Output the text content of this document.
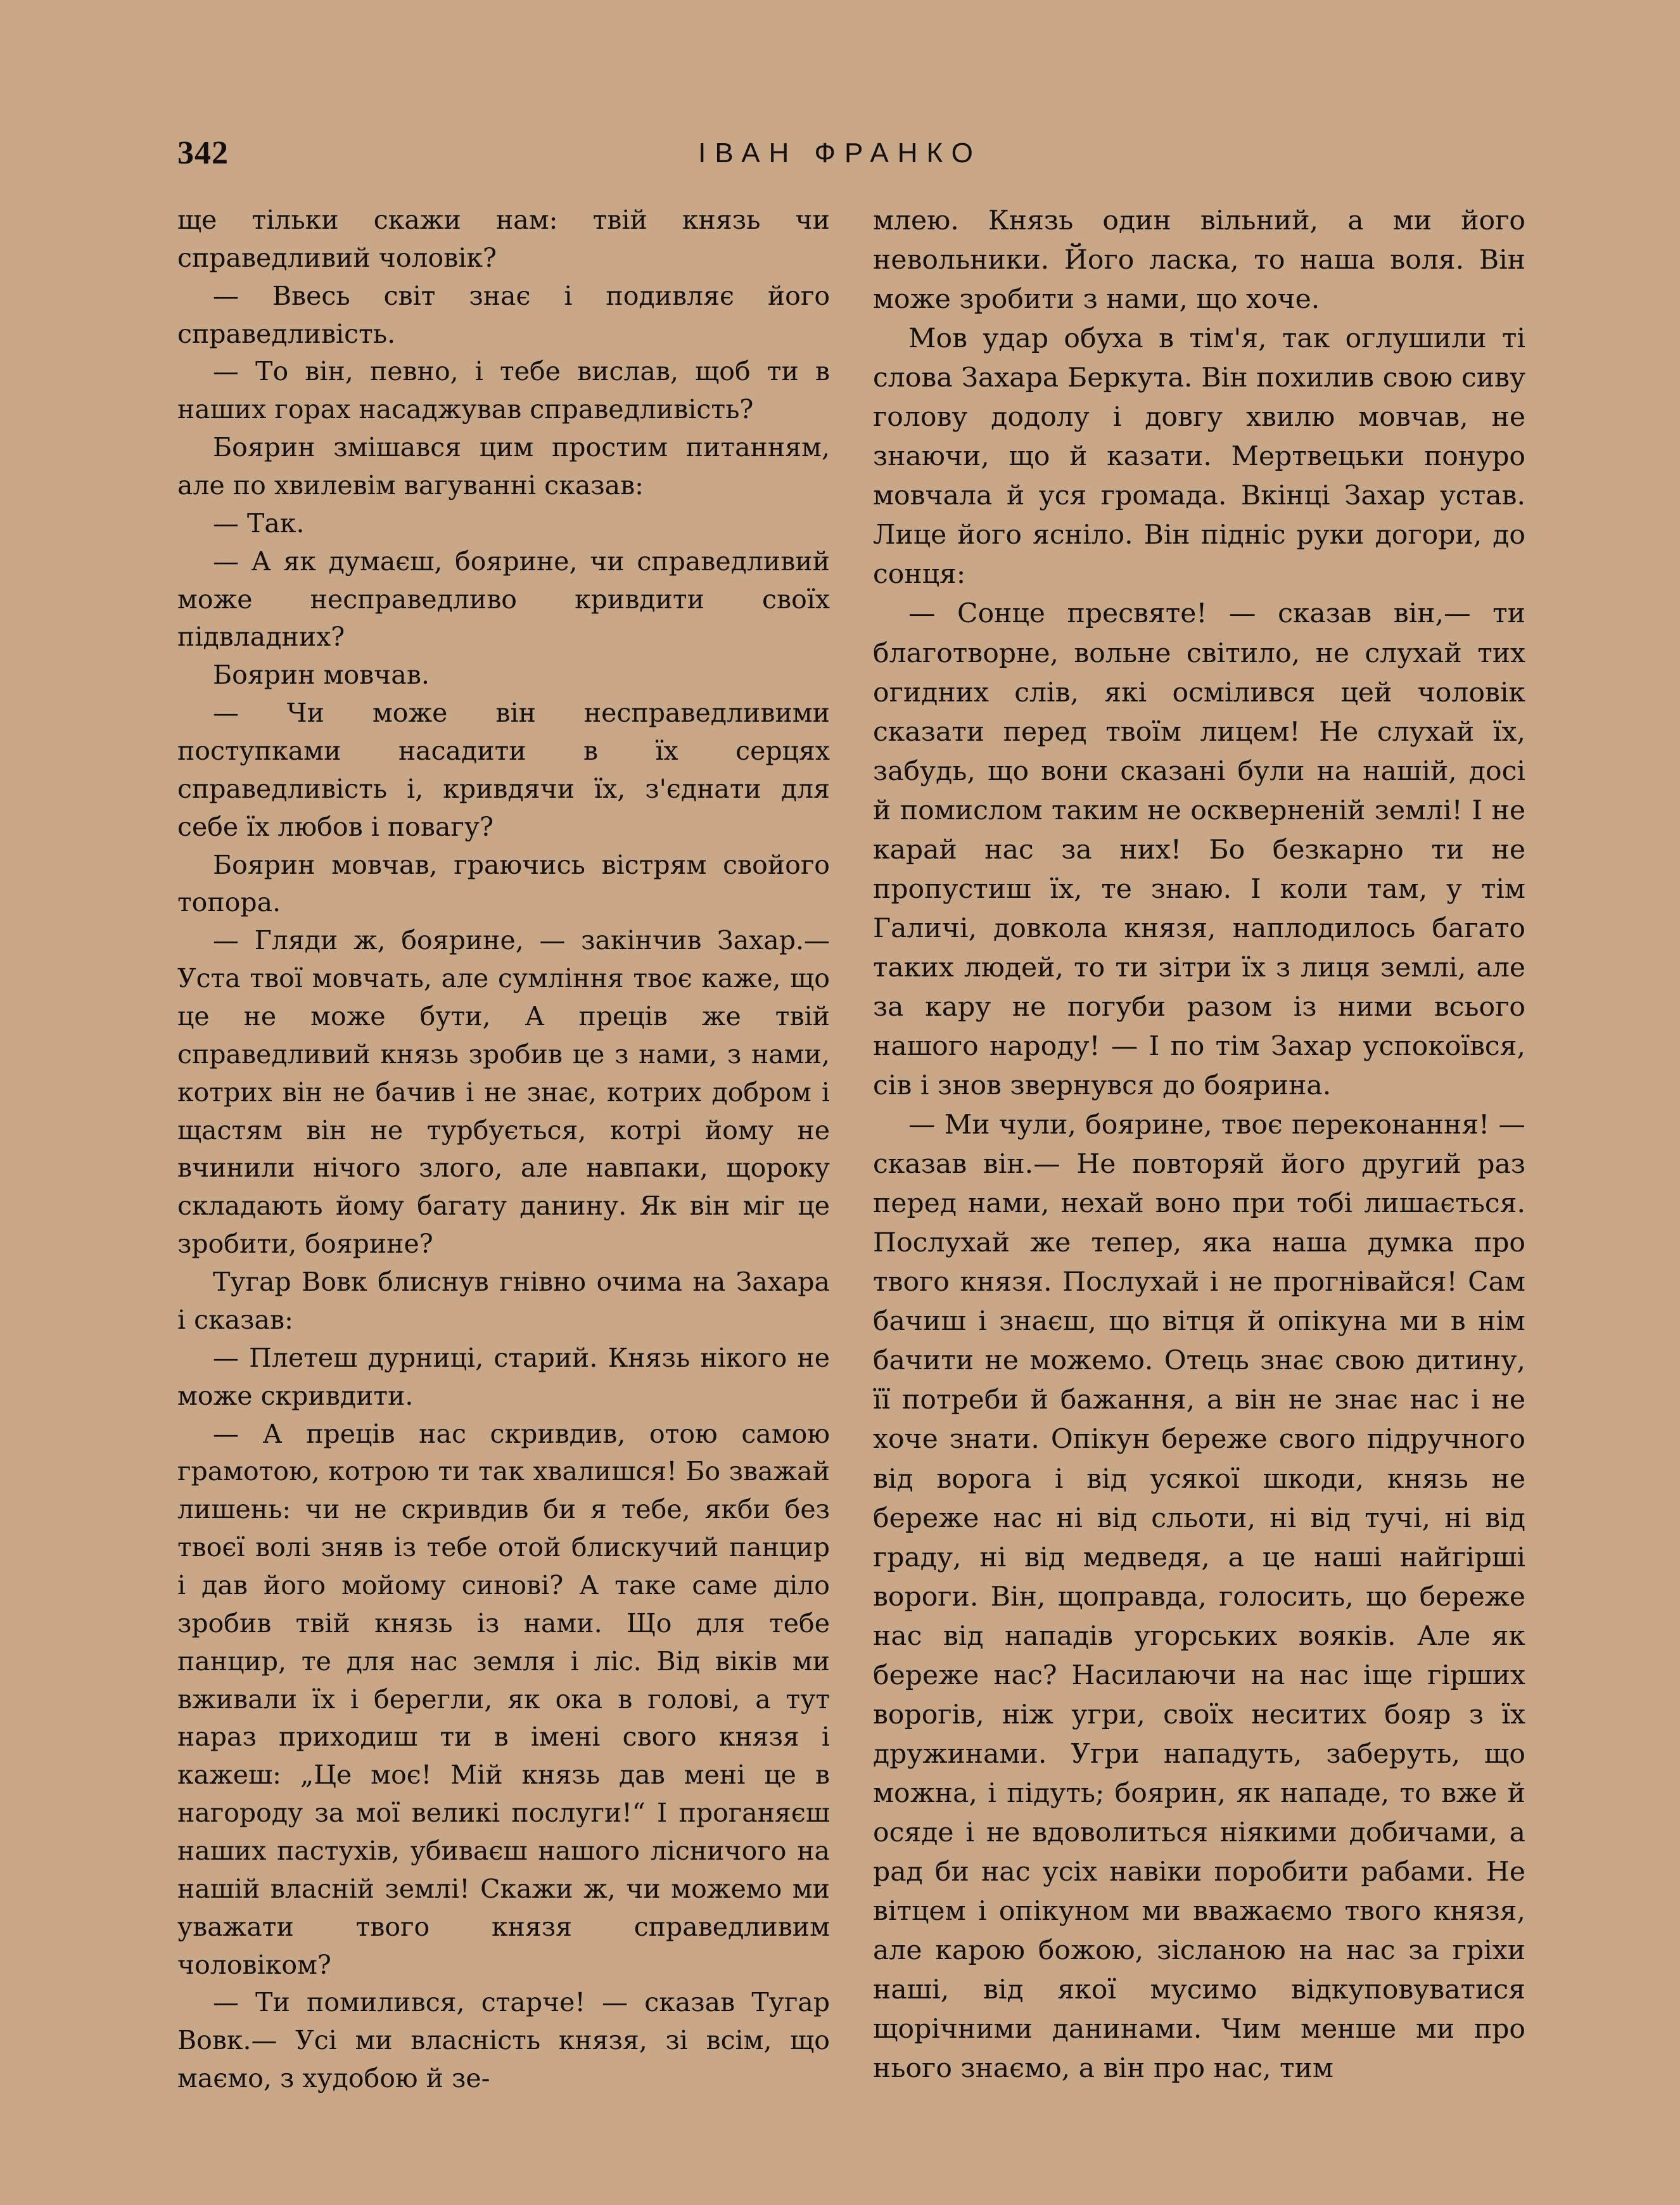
342	ІВАН ФРАНКО

ще тільки скажи нам: твій князь чи справедливий чоловік?

— Ввесь світ знає і подивляє його справедливість.

— То він, певно, і тебе вислав, щоб ти в наших горах насаджував справедливість?

Боярин змішався цим простим питанням, але по хвилевім вагуванні сказав:

— Так.

— А як думаєш, боярине, чи справедливий може несправедливо кривдити своїх підвладних?

Боярин мовчав.

— Чи може він несправедливими поступками насадити в їх серцях справедливість і, кривдячи їх, з'єднати для себе їх любов і повагу?

Боярин мовчав, граючись вістрям свойого топора.

— Гляди ж, боярине, — закінчив Захар.— Уста твої мовчать, але сумління твоє каже, що це не може бути, А преців же твій справедливий князь зробив це з нами, з нами, котрих він не бачив і не знає, котрих добром і щастям він не турбується, котрі йому не вчинили нічого злого, але навпаки, щороку складають йому багату данину. Як він міг це зробити, боярине?

Тугар Вовк блиснув гнівно очима на Захара і сказав:

— Плетеш дурниці, старий. Князь нікого не може скривдити.

— А преців нас скривдив, отою самою грамотою, котрою ти так хвалишся! Бо зважай лишень: чи не скривдив би я тебе, якби без твоєї волі зняв із тебе отой блискучий панцир і дав його мойому синові? А таке саме діло зробив твій князь із нами. Що для тебе панцир, те для нас земля і ліс. Від віків ми вживали їх і берегли, як ока в голові, а тут нараз приходиш ти в імені свого князя і кажеш: „Це моє! Мій князь дав мені це в нагороду за мої великі послуги!“ І проганяєш наших пастухів, убиваєш нашого лісничого на нашій власній землі! Скажи ж, чи можемо ми уважати твого князя справедливим чоловіком?

— Ти помилився, старче! — сказав Тугар Вовк.— Усі ми власність князя, зі всім, що маємо, з худобою й зе-

млею. Князь один вільний, а ми його невольники. Його ласка, то наша воля. Він може зробити з нами, що хоче.

Мов удар обуха в тім'я, так оглушили ті слова Захара Беркута. Він похилив свою сиву голову додолу і довгу хвилю мовчав, не знаючи, що й казати. Мертвецьки понуро мовчала й уся громада. Вкінці Захар устав. Лице його ясніло. Він підніс руки догори, до сонця:

— Сонце пресвяте! — сказав він,— ти благотворне, вольне світило, не слухай тих огидних слів, які осмілився цей чоловік сказати перед твоїм лицем! Не слухай їх, забудь, що вони сказані були на нашій, досі й помислом таким не оскверненій землі! І не карай нас за них! Бо безкарно ти не пропустиш їх, те знаю. І коли там, у тім Галичі, довкола князя, наплодилось багато таких людей, то ти зітри їх з лиця землі, але за кару не погуби разом із ними всього нашого народу! — І по тім Захар успокоївся, сів і знов звернувся до боярина.

— Ми чули, боярине, твоє переконання! — сказав він.— Не повторяй його другий раз перед нами, нехай воно при тобі лишається. Послухай же тепер, яка наша думка про твого князя. Послухай і не прогнівайся! Сам бачиш і знаєш, що вітця й опікуна ми в нім бачити не можемо. Отець знає свою дитину, її потреби й бажання, а він не знає нас і не хоче знати. Опікун береже свого підручного від ворога і від усякої шкоди, князь не береже нас ні від сльоти, ні від тучі, ні від граду, ні від медведя, а це наші найгірші вороги. Він, щоправда, голосить, що береже нас від нападів угорських вояків. Але як береже нас? Насилаючи на нас іще гірших ворогів, ніж угри, своїх неситих бояр з їх дружинами. Угри нападуть, заберуть, що можна, і підуть; боярин, як нападе, то вже й осяде і не вдоволиться ніякими добичами, а рад би нас усіх навіки поробити рабами. Не вітцем і опікуном ми вважаємо твого князя, але карою божою, зісланою на нас за гріхи наші, від якої мусимо відкуповуватися щорічними данинами. Чим менше ми про нього знаємо, а він про нас, тим
